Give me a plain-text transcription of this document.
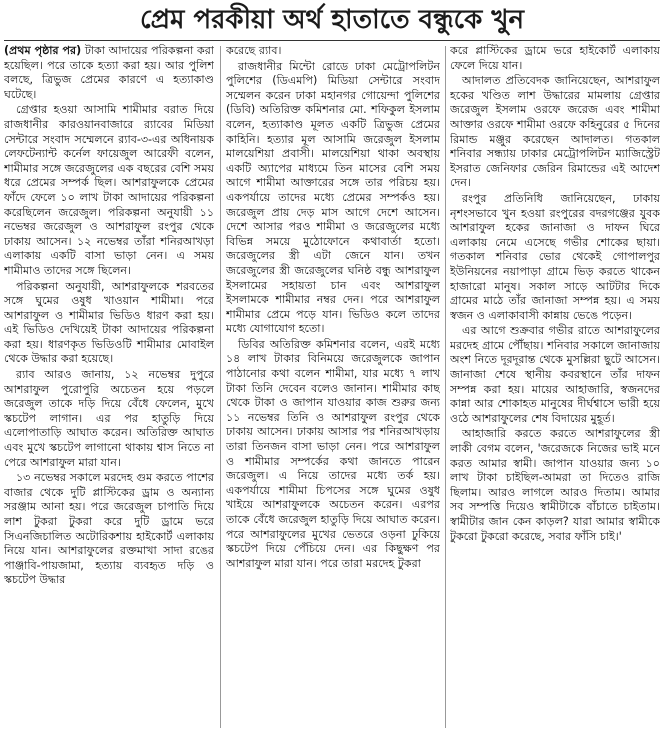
প্রেম পরকীয়া অর্থ হাতাতে বন্ধুকে খুন

(প্রথম পৃষ্ঠার পর) টাকা আদায়ের পরিকল্পনা করা হয়েছিল। পরে তাকে হত্যা করা হয়। আর পুলিশ বলছে, ত্রিভুজ প্রেমের কারণে এ হত্যাকাণ্ড ঘটেছে।

গ্রেপ্তার হওয়া আসামি শামীমার বরাত দিয়ে রাজধানীর কারওয়ানবাজারে র‌্যাবের মিডিয়া সেন্টারে সংবাদ সম্মেলনে র‌্যাব-৩-এর অধিনায়ক লেফটেন্যান্ট কর্নেল ফায়েজুল আরেফী বলেন, শামীমার সঙ্গে জরেজুলের এক বছরের বেশি সময় ধরে প্রেমের সম্পর্ক ছিল। আশরাফুলকে প্রেমের ফাঁদে ফেলে ১০ লাখ টাকা আদায়ের পরিকল্পনা করেছিলেন জরেজুল। পরিকল্পনা অনুযায়ী ১১ নভেম্বর জরেজুল ও আশরাফুল রংপুর থেকে ঢাকায় আসেন। ১২ নভেম্বর তাঁরা শনিরআখড়া এলাকায় একটি বাসা ভাড়া নেন। এ সময় শামীমাও তাদের সঙ্গে ছিলেন।

পরিকল্পনা অনুযায়ী, আশরাফুলকে শরবতের সঙ্গে ঘুমের ওষুধ খাওয়ান শামীমা। পরে আশরাফুল ও শামীমার ভিডিও ধারণ করা হয়। এই ভিডিও দেখিয়েই টাকা আদায়ের পরিকল্পনা করা হয়। ধারণকৃত ভিডিওটি শামীমার মোবাইল থেকে উদ্ধার করা হয়েছে।

র‌্যাব আরও জানায়, ১২ নভেম্বর দুপুরে আশরাফুল পুরোপুরি অচেতন হয়ে পড়লে জরেজুল তাকে দড়ি দিয়ে বেঁধে ফেলেন, মুখে স্কচটেপ লাগান। এর পর হাতুড়ি দিয়ে এলোপাতাড়ি আঘাত করেন। অতিরিক্ত আঘাত এবং মুখে স্কচটেপ লাগানো থাকায় শ্বাস নিতে না পেরে আশরাফুল মারা যান।

১৩ নভেম্বর সকালে মরদেহ গুম করতে পাশের বাজার থেকে দুটি প্লাস্টিকের ড্রাম ও অন্যান্য সরঞ্জাম আনা হয়। পরে জরেজুল চাপাতি দিয়ে লাশ টুকরা টুকরা করে দুটি ড্রামে ভরে সিএনজিচালিত অটোরিকশায় হাইকোর্ট এলাকায় নিয়ে যান। আশরাফুলের রক্তমাখা সাদা রঙের পাঞ্জাবি-পায়জামা, হত্যায় ব্যবহৃত দড়ি ও স্কচটেপ উদ্ধার

করেছে র‌্যাব।

রাজধানীর মিন্টো রোডে ঢাকা মেট্রোপলিটন পুলিশের (ডিএমপি) মিডিয়া সেন্টারে সংবাদ সম্মেলন করেন ঢাকা মহানগর গোয়েন্দা পুলিশের (ডিবি) অতিরিক্ত কমিশনার মো. শফিকুল ইসলাম বলেন, হত্যাকাণ্ড মূলত একটি ত্রিভুজ প্রেমের কাহিনি। হত্যার মূল আসামি জরেজুল ইসলাম মালয়েশিয়া প্রবাসী। মালয়েশিয়া থাকা অবস্থায় একটি অ্যাপের মাধ্যমে তিন মাসের বেশি সময় আগে শামীমা আক্তারের সঙ্গে তার পরিচয় হয়। একপর্যায়ে তাদের মধ্যে প্রেমের সম্পর্কও হয়। জরেজুল প্রায় দেড় মাস আগে দেশে আসেন। দেশে আসার পরও শামীমা ও জরেজুলের মধ্যে বিভিন্ন সময়ে মুঠোফোনে কথাবার্তা হতো। জরেজুলের স্ত্রী এটা জেনে যান। তখন জরেজুলের স্ত্রী জরেজুলের ঘনিষ্ঠ বন্ধু আশরাফুল ইসলামের সহায়তা চান এবং আশরাফুল ইসলামকে শামীমার নম্বর দেন। পরে আশরাফুল শামীমার প্রেমে পড়ে যান। ভিডিও কলে তাদের মধ্যে যোগাযোগ হতো।

ডিবির অতিরিক্ত কমিশনার বলেন, এরই মধ্যে ১৪ লাখ টাকার বিনিময়ে জরেজুলকে জাপান পাঠানোর কথা বলেন শামীমা, যার মধ্যে ৭ লাখ টাকা তিনি দেবেন বলেও জানান। শামীমার কাছ থেকে টাকা ও জাপান যাওয়ার কাজ শুরুর জন্য ১১ নভেম্বর তিনি ও আশরাফুল রংপুর থেকে ঢাকায় আসেন। ঢাকায় আসার পর শনিরআখড়ায় তারা তিনজন বাসা ভাড়া নেন। পরে আশরাফুল ও শামীমার সম্পর্কের কথা জানতে পারেন জরেজুল। এ নিয়ে তাদের মধ্যে তর্ক হয়। একপর্যায়ে শামীমা চিপসের সঙ্গে ঘুমের ওষুধ খাইয়ে আশরাফুলকে অচেতন করেন। এরপর তাকে বেঁধে জরেজুল হাতুড়ি দিয়ে আঘাত করেন। পরে আশরাফুলের মুখের ভেতরে ওড়না ঢুকিয়ে স্কচটেপ দিয়ে পেঁচিয়ে দেন। এর কিছুক্ষণ পর আশরাফুল মারা যান। পরে তারা মরদেহ টুকরা

করে প্লাস্টিকের ড্রামে ভরে হাইকোর্ট এলাকায় ফেলে দিয়ে যান।

আদালত প্রতিবেদক জানিয়েছেন, আশরাফুল হকের খণ্ডিত লাশ উদ্ধারের মামলায় গ্রেপ্তার জরেজুল ইসলাম ওরফে জরেজ এবং শামীমা আক্তার ওরফে শামীমা ওরফে কহিনুরের ৫ দিনের রিমান্ড মঞ্জুর করেছেন আদালত। গতকাল শনিবার সন্ধ্যায় ঢাকার মেট্রোপলিটন ম্যাজিস্ট্রেট ইসরাত জেনিফার জেরিন রিমান্ডের এই আদেশ দেন।

রংপুর প্রতিনিধি জানিয়েছেন, ঢাকায় নৃশংসভাবে খুন হওয়া রংপুরের বদরগঞ্জের যুবক আশরাফুল হকের জানাজা ও দাফন ঘিরে এলাকায় নেমে এসেছে গভীর শোকের ছায়া। গতকাল শনিবার ভোর থেকেই গোপালপুর ইউনিয়নের নয়াপাড়া গ্রামে ভিড় করতে থাকেন হাজারো মানুষ। সকাল সাড়ে আটটার দিকে গ্রামের মাঠে তাঁর জানাজা সম্পন্ন হয়। এ সময় স্বজন ও এলাকাবাসী কান্নায় ভেঙে পড়েন।

এর আগে শুক্রবার গভীর রাতে আশরাফুলের মরদেহ গ্রামে পৌঁছায়। শনিবার সকালে জানাজায় অংশ নিতে দূরদূরান্ত থেকে মুসল্লিরা ছুটে আসেন। জানাজা শেষে স্থানীয় কবরস্থানে তাঁর দাফন সম্পন্ন করা হয়। মায়ের আহাজারি, স্বজনদের কান্না আর শোকাহত মানুষের দীর্ঘশ্বাসে ভারী হয়ে ওঠে আশরাফুলের শেষ বিদায়ের মুহূর্ত।

আহাজারি করতে করতে আশরাফুলের স্ত্রী লাকী বেগম বলেন, 'জরেজকে নিজের ভাই মনে করত আমার স্বামী। জাপান যাওয়ার জন্য ১০ লাখ টাকা চাইছিল-আমরা তা দিতেও রাজি ছিলাম। আরও লাগলে আরও দিতাম। আমার সব সম্পত্তি দিয়েও স্বামীটাকে বাঁচাতে চাইতাম। স্বামীটার জান কেন কাড়ল? যারা আমার স্বামীকে টুকরো টুকরো করেছে, সবার ফাঁসি চাই।'
